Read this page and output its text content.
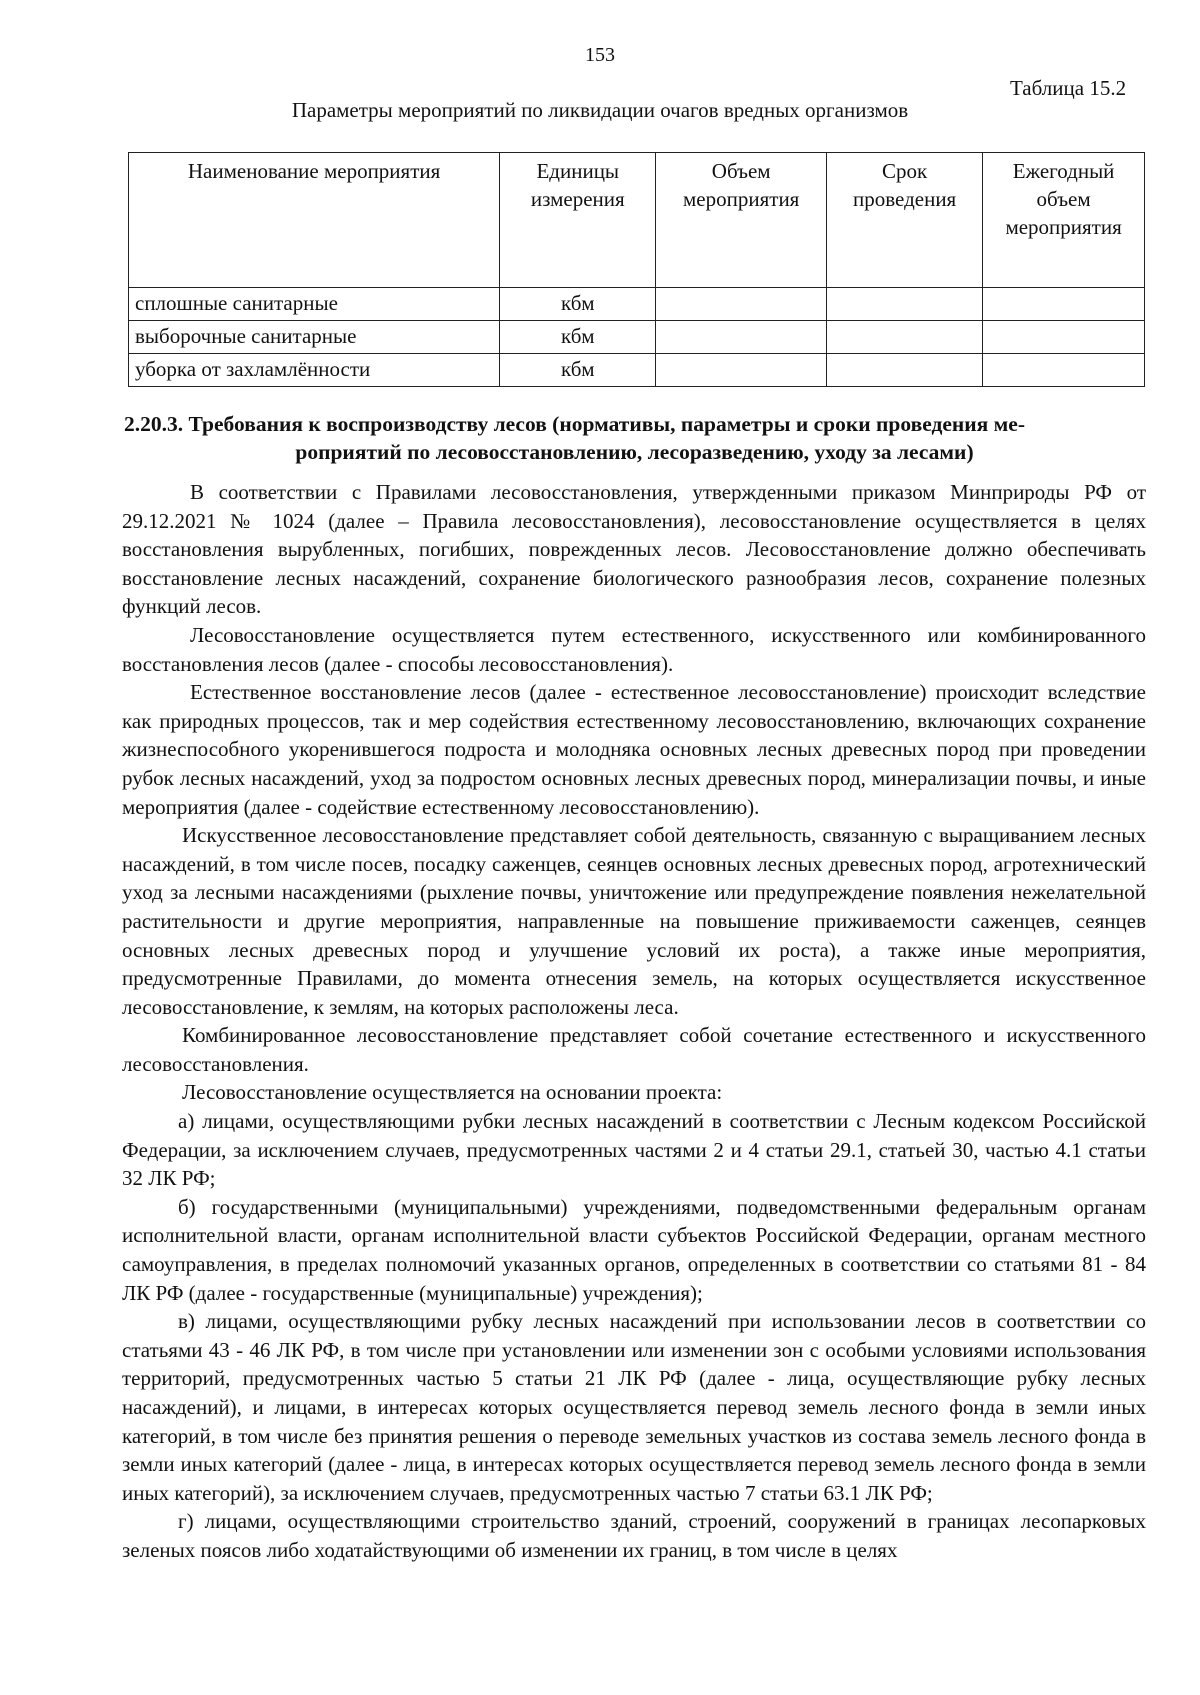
153
Таблица 15.2
Параметры мероприятий по ликвидации очагов вредных организмов
Наименование мероприятия	Единицы измерения	Объем мероприятия	Срок проведения	Ежегодный объем мероприятия
сплошные санитарные	кбм			
выборочные санитарные	кбм			
уборка от захламлённости	кбм			
2.20.3. Требования к воспроизводству лесов (нормативы, параметры и сроки проведения ме-
роприятий по лесовосстановлению, лесоразведению, уходу за лесами)

В соответствии с Правилами лесовосстановления, утвержденными приказом Минприроды РФ от 29.12.2021 № 1024 (далее – Правила лесовосстановления), лесовосстановление осуществляется в целях восстановления вырубленных, погибших, поврежденных лесов. Лесовосстановление должно обеспечивать восстановление лесных насаждений, сохранение биологического разнообразия лесов, сохранение полезных функций лесов.

Лесовосстановление осуществляется путем естественного, искусственного или комбинированного восстановления лесов (далее - способы лесовосстановления).

Естественное восстановление лесов (далее - естественное лесовосстановление) происходит вследствие как природных процессов, так и мер содействия естественному лесовосстановлению, включающих сохранение жизнеспособного укоренившегося подроста и молодняка основных лесных древесных пород при проведении рубок лесных насаждений, уход за подростом основных лесных древесных пород, минерализации почвы, и иные мероприятия (далее - содействие естественному лесовосстановлению).

Искусственное лесовосстановление представляет собой деятельность, связанную с выращиванием лесных насаждений, в том числе посев, посадку саженцев, сеянцев основных лесных древесных пород, агротехнический уход за лесными насаждениями (рыхление почвы, уничтожение или предупреждение появления нежелательной растительности и другие мероприятия, направленные на повышение приживаемости саженцев, сеянцев основных лесных древесных пород и улучшение условий их роста), а также иные мероприятия, предусмотренные Правилами, до момента отнесения земель, на которых осуществляется искусственное лесовосстановление, к землям, на которых расположены леса.

Комбинированное лесовосстановление представляет собой сочетание естественного и искусственного лесовосстановления.

Лесовосстановление осуществляется на основании проекта:

а) лицами, осуществляющими рубки лесных насаждений в соответствии с Лесным кодексом Российской Федерации, за исключением случаев, предусмотренных частями 2 и 4 статьи 29.1, статьей 30, частью 4.1 статьи 32 ЛК РФ;

б) государственными (муниципальными) учреждениями, подведомственными федеральным органам исполнительной власти, органам исполнительной власти субъектов Российской Федерации, органам местного самоуправления, в пределах полномочий указанных органов, определенных в соответствии со статьями 81 - 84 ЛК РФ (далее - государственные (муниципальные) учреждения);

в) лицами, осуществляющими рубку лесных насаждений при использовании лесов в соответствии со статьями 43 - 46 ЛК РФ, в том числе при установлении или изменении зон с особыми условиями использования территорий, предусмотренных частью 5 статьи 21 ЛК РФ (далее - лица, осуществляющие рубку лесных насаждений), и лицами, в интересах которых осуществляется перевод земель лесного фонда в земли иных категорий, в том числе без принятия решения о переводе земельных участков из состава земель лесного фонда в земли иных категорий (далее - лица, в интересах которых осуществляется перевод земель лесного фонда в земли иных категорий), за исключением случаев, предусмотренных частью 7 статьи 63.1 ЛК РФ;

г) лицами, осуществляющими строительство зданий, строений, сооружений в границах лесопарковых зеленых поясов либо ходатайствующими об изменении их границ, в том числе в целях
